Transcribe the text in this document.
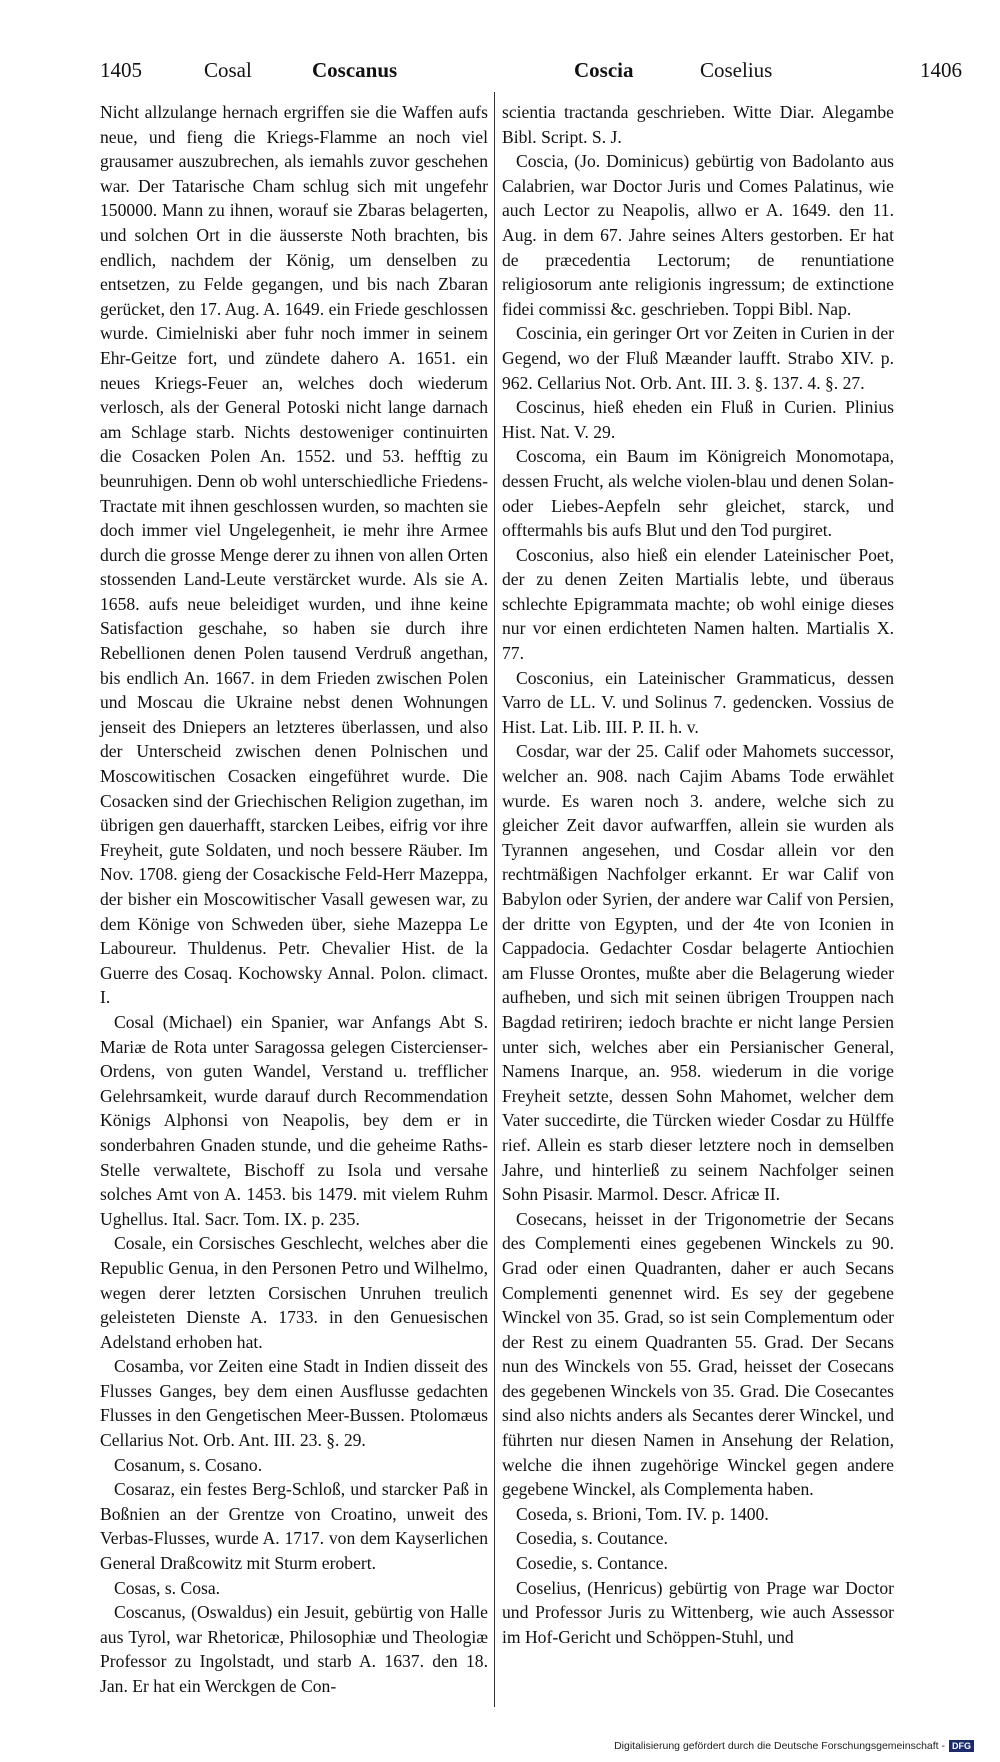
1405	Cosal	Coscanus	Coscia	Coselius	1406

Nicht allzulange hernach ergriffen sie die Waffen aufs neue, und fieng die Kriegs-Flamme an noch viel grausamer auszubrechen, als iemahls zuvor geschehen war. Der Tatarische Cham schlug sich mit ungefehr 150000. Mann zu ihnen, worauf sie Zbaras belagerten, und solchen Ort in die äusserste Noth brachten, bis endlich, nachdem der König, um denselben zu entsetzen, zu Felde gegangen, und bis nach Zbaran gerücket, den 17. Aug. A. 1649. ein Friede geschlossen wurde. Cimielniski aber fuhr noch immer in seinem Ehr-Geitze fort, und zündete dahero A. 1651. ein neues Kriegs-Feuer an, welches doch wiederum verlosch, als der General Potoski nicht lange darnach am Schlage starb. Nichts destoweniger continuirten die Cosacken Polen An. 1552. und 53. hefftig zu beunruhigen. Denn ob wohl unterschiedliche Friedens-Tractate mit ihnen geschlossen wurden, so machten sie doch immer viel Ungelegenheit, ie mehr ihre Armee durch die grosse Menge derer zu ihnen von allen Orten stossenden Land-Leute verstärcket wurde. Als sie A. 1658. aufs neue beleidiget wurden, und ihne keine Satisfaction geschahe, so haben sie durch ihre Rebellionen denen Polen tausend Verdruß angethan, bis endlich An. 1667. in dem Frieden zwischen Polen und Moscau die Ukraine nebst denen Wohnungen jenseit des Dniepers an letzteres überlassen, und also der Unterscheid zwischen denen Polnischen und Moscowitischen Cosacken eingeführet wurde. Die Cosacken sind der Griechischen Religion zugethan, im übrigen gen dauerhafft, starcken Leibes, eifrig vor ihre Freyheit, gute Soldaten, und noch bessere Räuber. Im Nov. 1708. gieng der Cosackische Feld-Herr Mazeppa, der bisher ein Moscowitischer Vasall gewesen war, zu dem Könige von Schweden über, siehe Mazeppa Le Laboureur. Thuldenus. Petr. Chevalier Hist. de la Guerre des Cosaq. Kochowsky Annal. Polon. climact. I.

Cosal (Michael) ein Spanier, war Anfangs Abt S. Mariæ de Rota unter Saragossa gelegen Cistercienser-Ordens, von guten Wandel, Verstand u. trefflicher Gelehrsamkeit, wurde darauf durch Recommendation Königs Alphonsi von Neapolis, bey dem er in sonderbahren Gnaden stunde, und die geheime Raths-Stelle verwaltete, Bischoff zu Isola und versahe solches Amt von A. 1453. bis 1479. mit vielem Ruhm Ughellus. Ital. Sacr. Tom. IX. p. 235.

Cosale, ein Corsisches Geschlecht, welches aber die Republic Genua, in den Personen Petro und Wilhelmo, wegen derer letzten Corsischen Unruhen treulich geleisteten Dienste A. 1733. in den Genuesischen Adelstand erhoben hat.

Cosamba, vor Zeiten eine Stadt in Indien disseit des Flusses Ganges, bey dem einen Ausflusse gedachten Flusses in den Gengetischen Meer-Bussen. Ptolomæus Cellarius Not. Orb. Ant. III. 23. §. 29.

Cosanum, s. Cosano.

Cosaraz, ein festes Berg-Schloß, und starcker Paß in Boßnien an der Grentze von Croatino, unweit des Verbas-Flusses, wurde A. 1717. von dem Kayserlichen General Draßcowitz mit Sturm erobert.

Cosas, s. Cosa.

Coscanus, (Oswaldus) ein Jesuit, gebürtig von Halle aus Tyrol, war Rhetoricæ, Philosophiæ und Theologiæ Professor zu Ingolstadt, und starb A. 1637. den 18. Jan. Er hat ein Werckgen de Con-

scientia tractanda geschrieben. Witte Diar. Alegambe Bibl. Script. S. J.

Coscia, (Jo. Dominicus) gebürtig von Badolanto aus Calabrien, war Doctor Juris und Comes Palatinus, wie auch Lector zu Neapolis, allwo er A. 1649. den 11. Aug. in dem 67. Jahre seines Alters gestorben. Er hat de præcedentia Lectorum; de renuntiatione religiosorum ante religionis ingressum; de extinctione fidei commissi &c. geschrieben. Toppi Bibl. Nap.

Coscinia, ein geringer Ort vor Zeiten in Curien in der Gegend, wo der Fluß Mæander laufft. Strabo XIV. p. 962. Cellarius Not. Orb. Ant. III. 3. §. 137. 4. §. 27.

Coscinus, hieß eheden ein Fluß in Curien. Plinius Hist. Nat. V. 29.

Coscoma, ein Baum im Königreich Monomotapa, dessen Frucht, als welche violen-blau und denen Solan- oder Liebes-Aepfeln sehr gleichet, starck, und offtermahls bis aufs Blut und den Tod purgiret.

Cosconius, also hieß ein elender Lateinischer Poet, der zu denen Zeiten Martialis lebte, und überaus schlechte Epigrammata machte; ob wohl einige dieses nur vor einen erdichteten Namen halten. Martialis X. 77.

Cosconius, ein Lateinischer Grammaticus, dessen Varro de LL. V. und Solinus 7. gedencken. Vossius de Hist. Lat. Lib. III. P. II. h. v.

Cosdar, war der 25. Calif oder Mahomets successor, welcher an. 908. nach Cajim Abams Tode erwählet wurde. Es waren noch 3. andere, welche sich zu gleicher Zeit davor aufwarffen, allein sie wurden als Tyrannen angesehen, und Cosdar allein vor den rechtmäßigen Nachfolger erkannt. Er war Calif von Babylon oder Syrien, der andere war Calif von Persien, der dritte von Egypten, und der 4te von Iconien in Cappadocia. Gedachter Cosdar belagerte Antiochien am Flusse Orontes, mußte aber die Belagerung wieder aufheben, und sich mit seinen übrigen Trouppen nach Bagdad retiriren; iedoch brachte er nicht lange Persien unter sich, welches aber ein Persianischer General, Namens Inarque, an. 958. wiederum in die vorige Freyheit setzte, dessen Sohn Mahomet, welcher dem Vater succedirte, die Türcken wieder Cosdar zu Hülffe rief. Allein es starb dieser letztere noch in demselben Jahre, und hinterließ zu seinem Nachfolger seinen Sohn Pisasir. Marmol. Descr. Africæ II.

Cosecans, heisset in der Trigonometrie der Secans des Complementi eines gegebenen Winckels zu 90. Grad oder einen Quadranten, daher er auch Secans Complementi genennet wird. Es sey der gegebene Winckel von 35. Grad, so ist sein Complementum oder der Rest zu einem Quadranten 55. Grad. Der Secans nun des Winckels von 55. Grad, heisset der Cosecans des gegebenen Winckels von 35. Grad. Die Cosecantes sind also nichts anders als Secantes derer Winckel, und führten nur diesen Namen in Ansehung der Relation, welche die ihnen zugehörige Winckel gegen andere gegebene Winckel, als Complementa haben.

Coseda, s. Brioni, Tom. IV. p. 1400.

Cosedia, s. Coutance.

Cosedie, s. Contance.

Coselius, (Henricus) gebürtig von Prage war Doctor und Professor Juris zu Wittenberg, wie auch Assessor im Hof-Gericht und Schöppen-Stuhl, und

Digitalisierung gefördert durch die Deutsche Forschungsgemeinschaft - DFG
